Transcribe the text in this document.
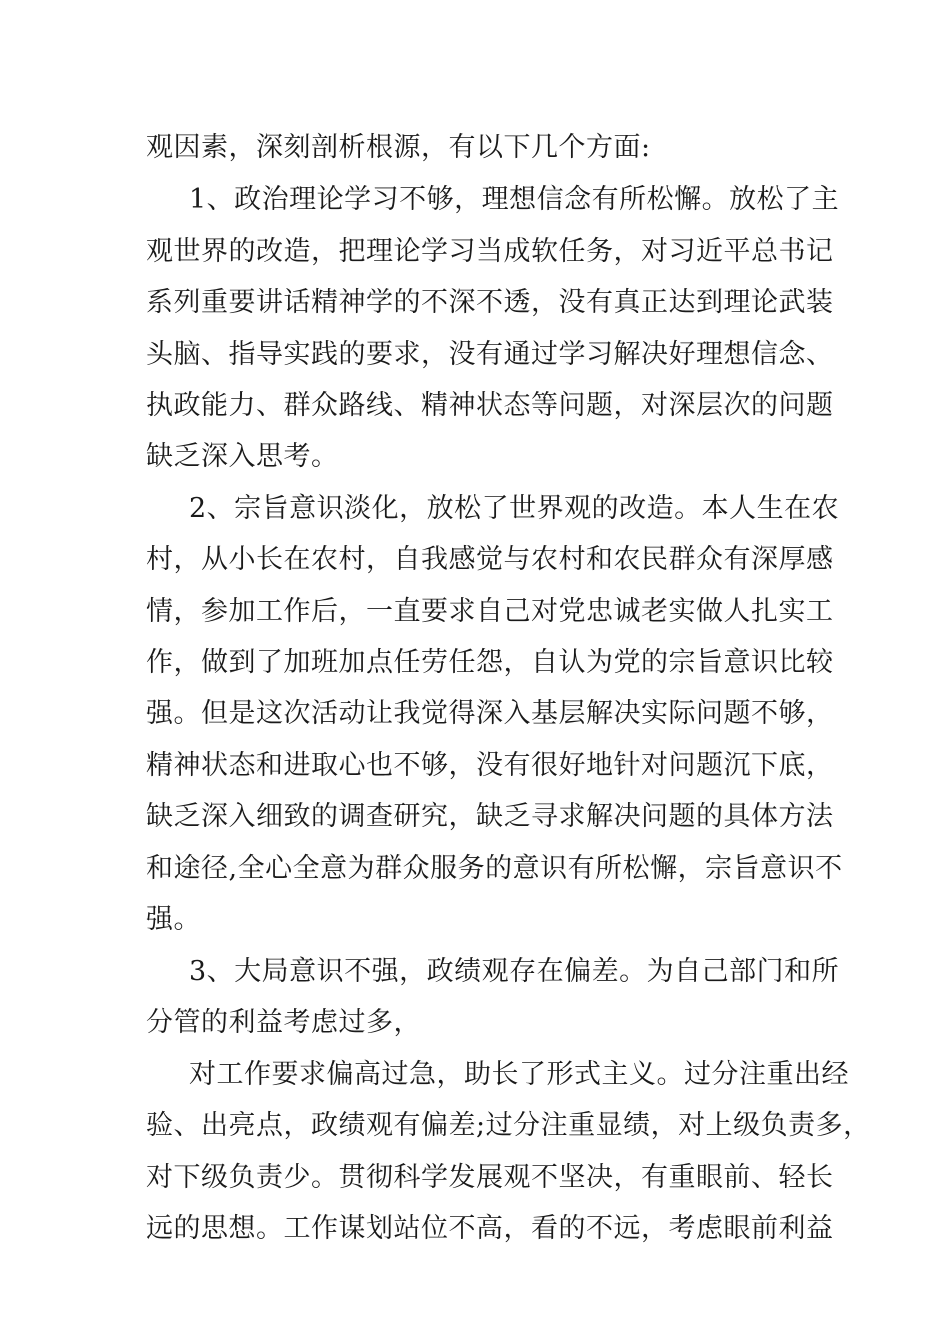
观因素，深刻剖析根源，有以下几个方面:
1、政治理论学习不够，理想信念有所松懈。放松了主
观世界的改造，把理论学习当成软任务，对习近平总书记
系列重要讲话精神学的不深不透，没有真正达到理论武装
头脑、指导实践的要求，没有通过学习解决好理想信念、
执政能力、群众路线、精神状态等问题，对深层次的问题
缺乏深入思考。
2、宗旨意识淡化，放松了世界观的改造。本人生在农
村，从小长在农村，自我感觉与农村和农民群众有深厚感
情，参加工作后，一直要求自己对党忠诚老实做人扎实工
作，做到了加班加点任劳任怨，自认为党的宗旨意识比较
强。但是这次活动让我觉得深入基层解决实际问题不够，
精神状态和进取心也不够，没有很好地针对问题沉下底，
缺乏深入细致的调查研究，缺乏寻求解决问题的具体方法
和途径,全心全意为群众服务的意识有所松懈，宗旨意识不
强。
3、大局意识不强，政绩观存在偏差。为自己部门和所
分管的利益考虑过多，
对工作要求偏高过急，助长了形式主义。过分注重出经
验、出亮点，政绩观有偏差;过分注重显绩，对上级负责多，
对下级负责少。贯彻科学发展观不坚决，有重眼前、轻长
远的思想。工作谋划站位不高，看的不远，考虑眼前利益
